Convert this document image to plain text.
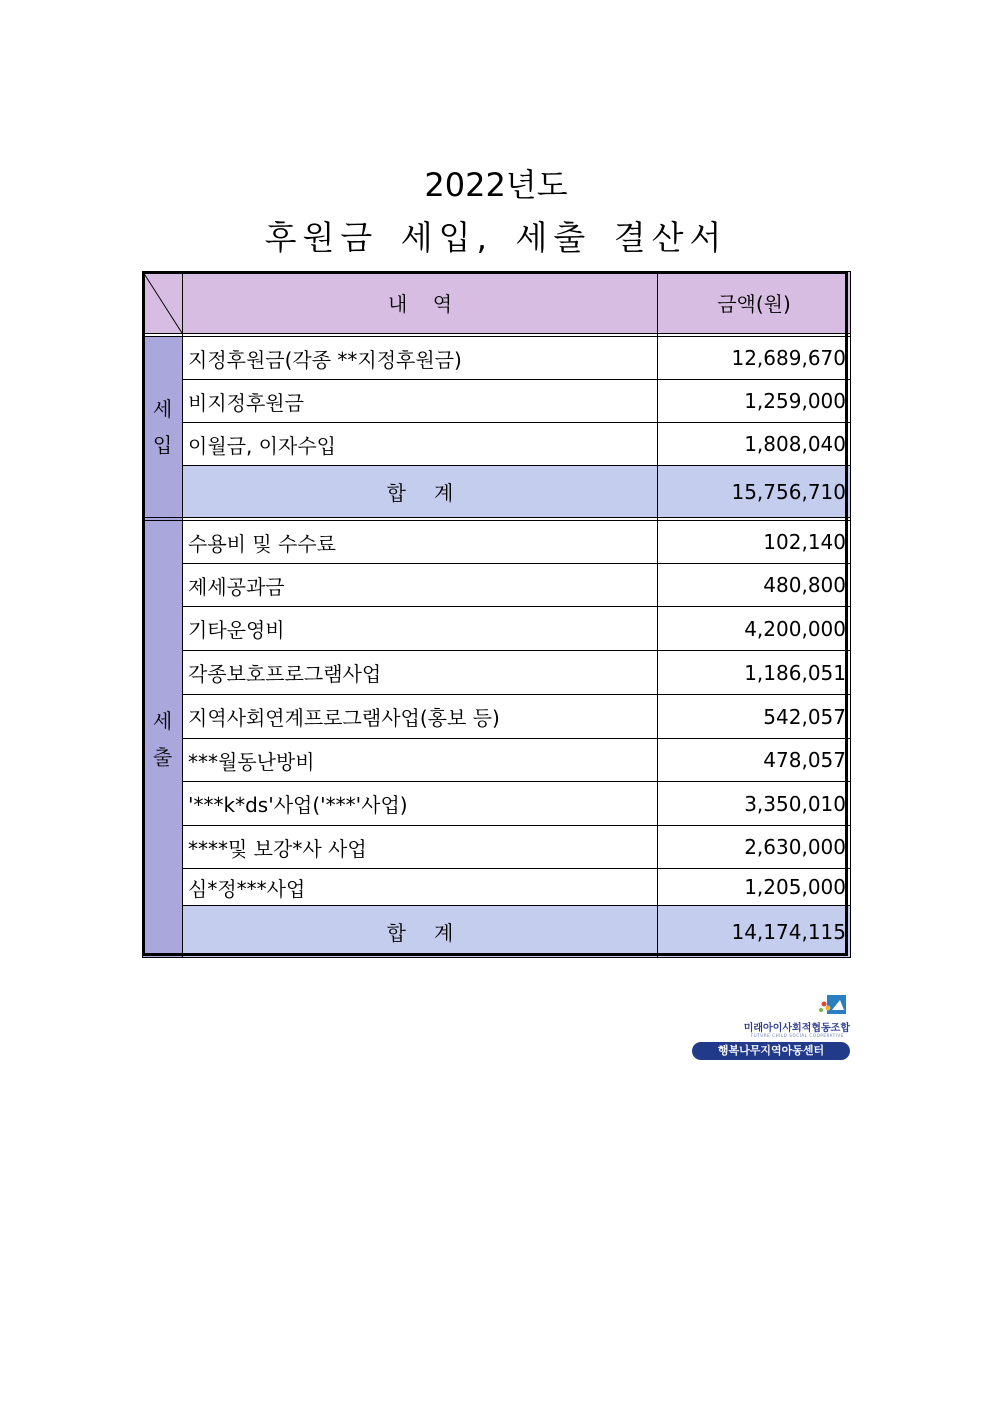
2022년도
후원금 세입, 세출 결산서
	내    역	금액(원)

세
입	지정후원금(각종 **지정후원금)	12,689,670
	비지정후원금	1,259,000
	이월금, 이자수입	1,808,040
	합계	15,756,710

세
출	수용비 및 수수료	102,140
	제세공과금	480,800
	기타운영비	4,200,000
	각종보호프로그램사업	1,186,051
	지역사회연계프로그램사업(홍보 등)	542,057
	***월동난방비	478,057
	'***k*ds'사업('***'사업)	3,350,010
	****및 보강*사 사업	2,630,000
	심*정***사업	1,205,000
	합계	14,174,115
미래아이사회적협동조합
FUTURE CHILD SOCIAL COOPERATIVE
행복나무지역아동센터
